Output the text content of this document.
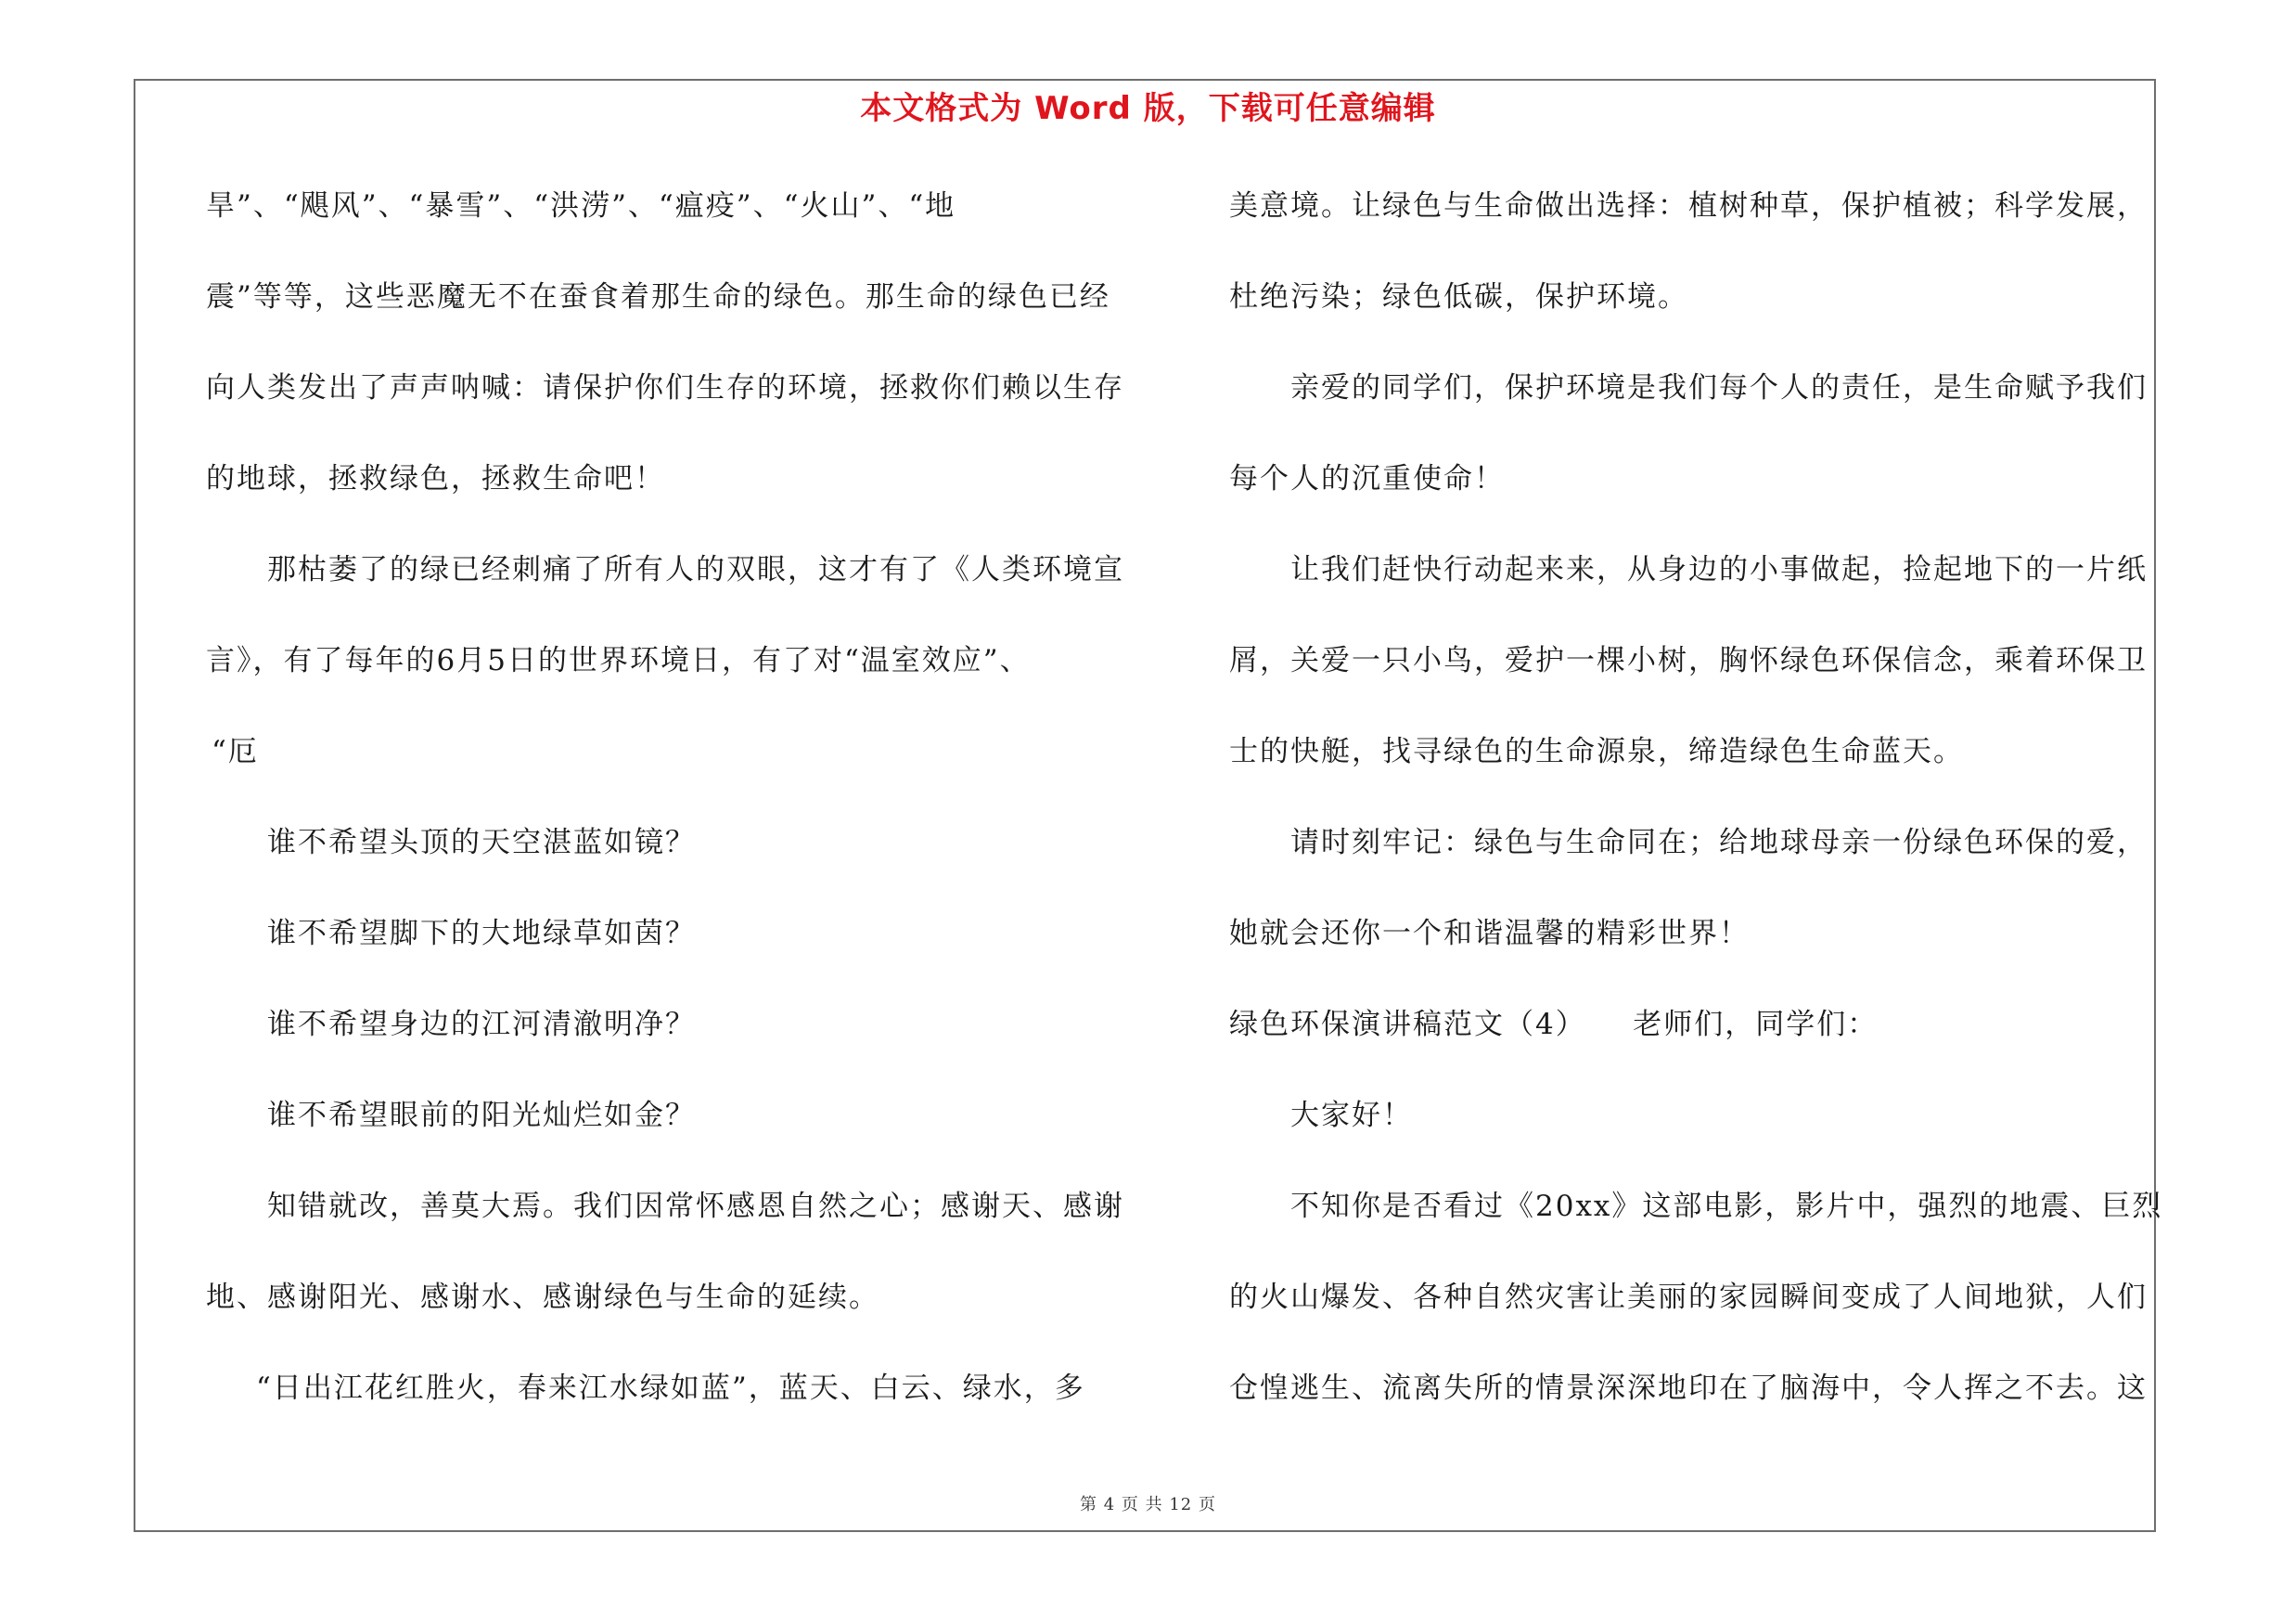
本文格式为 Word 版，下载可任意编辑
旱”、“飓风”、“暴雪”、“洪涝”、“瘟疫”、“火山”、“地
震”等等，这些恶魔无不在蚕食着那生命的绿色。那生命的绿色已经
向人类发出了声声呐喊：请保护你们生存的环境，拯救你们赖以生存
的地球，拯救绿色，拯救生命吧！
那枯萎了的绿已经刺痛了所有人的双眼，这才有了《人类环境宣
言》，有了每年的6月5日的世界环境日，有了对“温室效应”、
“厄
谁不希望头顶的天空湛蓝如镜？
谁不希望脚下的大地绿草如茵？
谁不希望身边的江河清澈明净？
谁不希望眼前的阳光灿烂如金？
知错就改，善莫大焉。我们因常怀感恩自然之心；感谢天、感谢
地、感谢阳光、感谢水、感谢绿色与生命的延续。
“日出江花红胜火，春来江水绿如蓝”，蓝天、白云、绿水，多
美意境。让绿色与生命做出选择：植树种草，保护植被；科学发展，
杜绝污染；绿色低碳，保护环境。
亲爱的同学们，保护环境是我们每个人的责任，是生命赋予我们
每个人的沉重使命！
让我们赶快行动起来来，从身边的小事做起，捡起地下的一片纸
屑，关爱一只小鸟，爱护一棵小树，胸怀绿色环保信念，乘着环保卫
士的快艇，找寻绿色的生命源泉，缔造绿色生命蓝天。
请时刻牢记：绿色与生命同在；给地球母亲一份绿色环保的爱，
她就会还你一个和谐温馨的精彩世界！
绿色环保演讲稿范文（4）　　老师们，同学们：
大家好！
不知你是否看过《20xx》这部电影，影片中，强烈的地震、巨烈
的火山爆发、各种自然灾害让美丽的家园瞬间变成了人间地狱，人们
仓惶逃生、流离失所的情景深深地印在了脑海中，令人挥之不去。这
第 4 页 共 12 页
